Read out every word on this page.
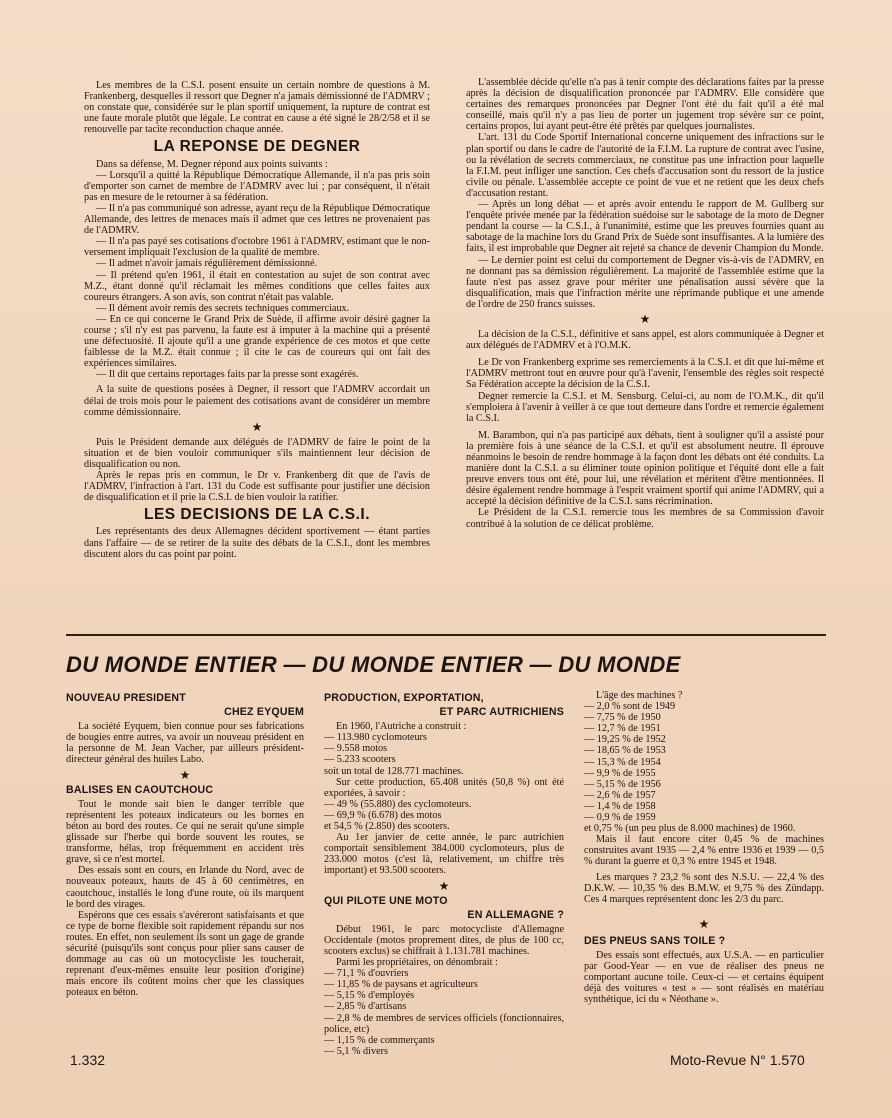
Les membres de la C.S.I. posent ensuite un certain nombre de questions à M. Frankenberg, desquelles il ressort que Degner n'a jamais démissionné de l'ADMRV ; on constate que, considérée sur le plan sportif uniquement, la rupture de contrat est une faute morale plutôt que légale. Le contrat en cause a été signé le 28/2/58 et il se renouvelle par tacite reconduction chaque année.

LA REPONSE DE DEGNER

Dans sa défense, M. Degner répond aux points suivants :

— Lorsqu'il a quitté la République Démocratique Allemande, il n'a pas pris soin d'emporter son carnet de membre de l'ADMRV avec lui ; par conséquent, il n'était pas en mesure de le retourner à sa fédération.

— Il n'a pas communiqué son adresse, ayant reçu de la République Démocratique Allemande, des lettres de menaces mais il admet que ces lettres ne provenaient pas de l'ADMRV.

— Il n'a pas payé ses cotisations d'octobre 1961 à l'ADMRV, estimant que le non-versement impliquait l'exclusion de la qualité de membre.

— Il admet n'avoir jamais régulièrement démissionné.

— Il prétend qu'en 1961, il était en contestation au sujet de son contrat avec M.Z., étant donné qu'il réclamait les mêmes conditions que celles faites aux coureurs étrangers. A son avis, son contrat n'était pas valable.

— Il dément avoir remis des secrets techniques commerciaux.

— En ce qui concerne le Grand Prix de Suède, il affirme avoir désiré gagner la course ; s'il n'y est pas parvenu, la faute est à imputer à la machine qui a présenté une défectuosité. Il ajoute qu'il a une grande expérience de ces motos et que cette faiblesse de la M.Z. était connue ; il cite le cas de coureurs qui ont fait des expériences similaires.

— Il dit que certains reportages faits par la presse sont exagérés.

A la suite de questions posées à Degner, il ressort que l'ADMRV accordait un délai de trois mois pour le paiement des cotisations avant de considérer un membre comme démissionnaire.

★

Puis le Président demande aux délégués de l'ADMRV de faire le point de la situation et de bien vouloir communiquer s'ils maintiennent leur décision de disqualification ou non.

Après le repas pris en commun, le Dr v. Frankenberg dit que de l'avis de l'ADMRV, l'infraction à l'art. 131 du Code est suffisante pour justifier une décision de disqualification et il prie la C.S.I. de bien vouloir la ratifier.

LES DECISIONS DE LA C.S.I.

Les représentants des deux Allemagnes décident sportivement — étant parties dans l'affaire — de se retirer de la suite des débats de la C.S.I., dont les membres discutent alors du cas point par point.

L'assemblée décide qu'elle n'a pas à tenir compte des déclarations faites par la presse après la décision de disqualification prononcée par l'ADMRV. Elle considère que certaines des remarques prononcées par Degner l'ont été du fait qu'il a été mal conseillé, mais qu'il n'y a pas lieu de porter un jugement trop sévère sur ce point, certains propos, lui ayant peut-être été prêtés par quelques journalistes.

L'art. 131 du Code Sportif International concerne uniquement des infractions sur le plan sportif ou dans le cadre de l'autorité de la F.I.M. La rupture de contrat avec l'usine, ou la révélation de secrets commerciaux, ne constitue pas une infraction pour laquelle la F.I.M. peut infliger une sanction. Ces chefs d'accusation sont du ressort de la justice civile ou pénale. L'assemblée accepte ce point de vue et ne retient que les deux chefs d'accusation restant.

— Après un long débat — et après avoir entendu le rapport de M. Gullberg sur l'enquête privée menée par la fédération suédoise sur le sabotage de la moto de Degner pendant la course — la C.S.I., à l'unanimité, estime que les preuves fournies quant au sabotage de la machine lors du Grand Prix de Suède sont insuffisantes. A la lumière des faits, il est improbable que Degner ait rejeté sa chance de devenir Champion du Monde.

— Le dernier point est celui du comportement de Degner vis-à-vis de l'ADMRV, en ne donnant pas sa démission régulièrement. La majorité de l'assemblée estime que la faute n'est pas assez grave pour mériter une pénalisation aussi sévère que la disqualification, mais que l'infraction mérite une réprimande publique et une amende de l'ordre de 250 francs suisses.

★

La décision de la C.S.I., définitive et sans appel, est alors communiquée à Degner et aux délégués de l'ADMRV et à l'O.M.K.

Le Dr von Frankenberg exprime ses remerciements à la C.S.I. et dit que lui-même et l'ADMRV mettront tout en œuvre pour qu'à l'avenir, l'ensemble des règles soit respecté Sa Fédération accepte la décision de la C.S.I.

Degner remercie la C.S.I. et M. Sensburg. Celui-ci, au nom de l'O.M.K., dit qu'il s'emploiera à l'avenir à veiller à ce que tout demeure dans l'ordre et remercie également la C.S.I.

M. Barambon, qui n'a pas participé aux débats, tient à souligner qu'il a assisté pour la première fois à une séance de la C.S.I. et qu'il est absolument neutre. Il éprouve néanmoins le besoin de rendre hommage à la façon dont les débats ont été conduits. La manière dont la C.S.I. a su éliminer toute opinion politique et l'équité dont elle a fait preuve envers tous ont été, pour lui, une révélation et méritent d'être mentionnées. Il désire également rendre hommage à l'esprit vraiment sportif qui anime l'ADMRV, qui a accepté la décision définitive de la C.S.I. sans récrimination.

Le Président de la C.S.I. remercie tous les membres de sa Commission d'avoir contribué à la solution de ce délicat problème.

DU MONDE ENTIER — DU MONDE ENTIER — DU MONDE
NOUVEAU PRESIDENT
CHEZ EYQUEM

La société Eyquem, bien connue pour ses fabrications de bougies entre autres, va avoir un nouveau président en la personne de M. Jean Vacher, par ailleurs président-directeur général des huiles Labo.

★
BALISES EN CAOUTCHOUC

Tout le monde sait bien le danger terrible que représentent les poteaux indicateurs ou les bornes en béton au bord des routes. Ce qui ne serait qu'une simple glissade sur l'herbe qui borde souvent les routes, se transforme, hélas, trop fréquemment en accident très grave, si ce n'est mortel.

Des essais sont en cours, en Irlande du Nord, avec de nouveaux poteaux, hauts de 45 à 60 centimètres, en caoutchouc, installés le long d'une route, où ils marquent le bord des virages.

Espérons que ces essais s'avéreront satisfaisants et que ce type de borne flexible soit rapidement répandu sur nos routes. En effet, non seulement ils sont un gage de grande sécurité (puisqu'ils sont conçus pour plier sans causer de dommage au cas où un motocycliste les toucherait, reprenant d'eux-mêmes ensuite leur position d'origine) mais encore ils coûtent moins cher que les classiques poteaux en béton.

PRODUCTION, EXPORTATION,
ET PARC AUTRICHIENS

En 1960, l'Autriche a construit :

— 113.980 cyclomoteurs

— 9.558 motos

— 5.233 scooters

soit un total de 128.771 machines.

Sur cette production, 65.408 unités (50,8 %) ont été exportées, à savoir :

— 49 % (55.880) des cyclomoteurs.

— 69,9 % (6.678) des motos

et 54,5 % (2.850) des scooters.

Au 1er janvier de cette année, le parc autrichien comportait sensiblement 384.000 cyclomoteurs, plus de 233.000 motos (c'est là, relativement, un chiffre très important) et 93.500 scooters.

★
QUI PILOTE UNE MOTO
EN ALLEMAGNE ?

Début 1961, le parc motocycliste d'Allemagne Occidentale (motos proprement dites, de plus de 100 cc, scooters exclus) se chiffrait à 1.131.781 machines.

Parmi les propriétaires, on dénombrait :

— 71,1 % d'ouvriers

— 11,85 % de paysans et agriculteurs

— 5,15 % d'employés

— 2,85 % d'artisans

— 2,8 % de membres de services officiels (fonctionnaires, police, etc)

— 1,15 % de commerçants

— 5,1 % divers

L'âge des machines ?

— 2,0 % sont de 1949

— 7,75 % de 1950

— 12,7 % de 1951

— 19,25 % de 1952

— 18,65 % de 1953

— 15,3 % de 1954

— 9,9 % de 1955

— 5,15 % de 1956

— 2,6 % de 1957

— 1,4 % de 1958

— 0,9 % de 1959

et 0,75 % (un peu plus de 8.000 machines) de 1960.

Mais il faut encore citer 0,45 % de machines construites avant 1935 — 2,4 % entre 1936 et 1939 — 0,5 % durant la guerre et 0,3 % entre 1945 et 1948.

Les marques ? 23,2 % sont des N.S.U. — 22,4 % des D.K.W. — 10,35 % des B.M.W. et 9,75 % des Zündapp. Ces 4 marques représentent donc les 2/3 du parc.

★
DES PNEUS SANS TOILE ?

Des essais sont effectués, aux U.S.A. — en particulier par Good-Year — en vue de réaliser des pneus ne comportant aucune toile. Ceux-ci — et certains équipent déjà des voitures « test » — sont réalisés en matériau synthétique, ici du « Néothane ».

1.332	Moto-Revue N° 1.570
